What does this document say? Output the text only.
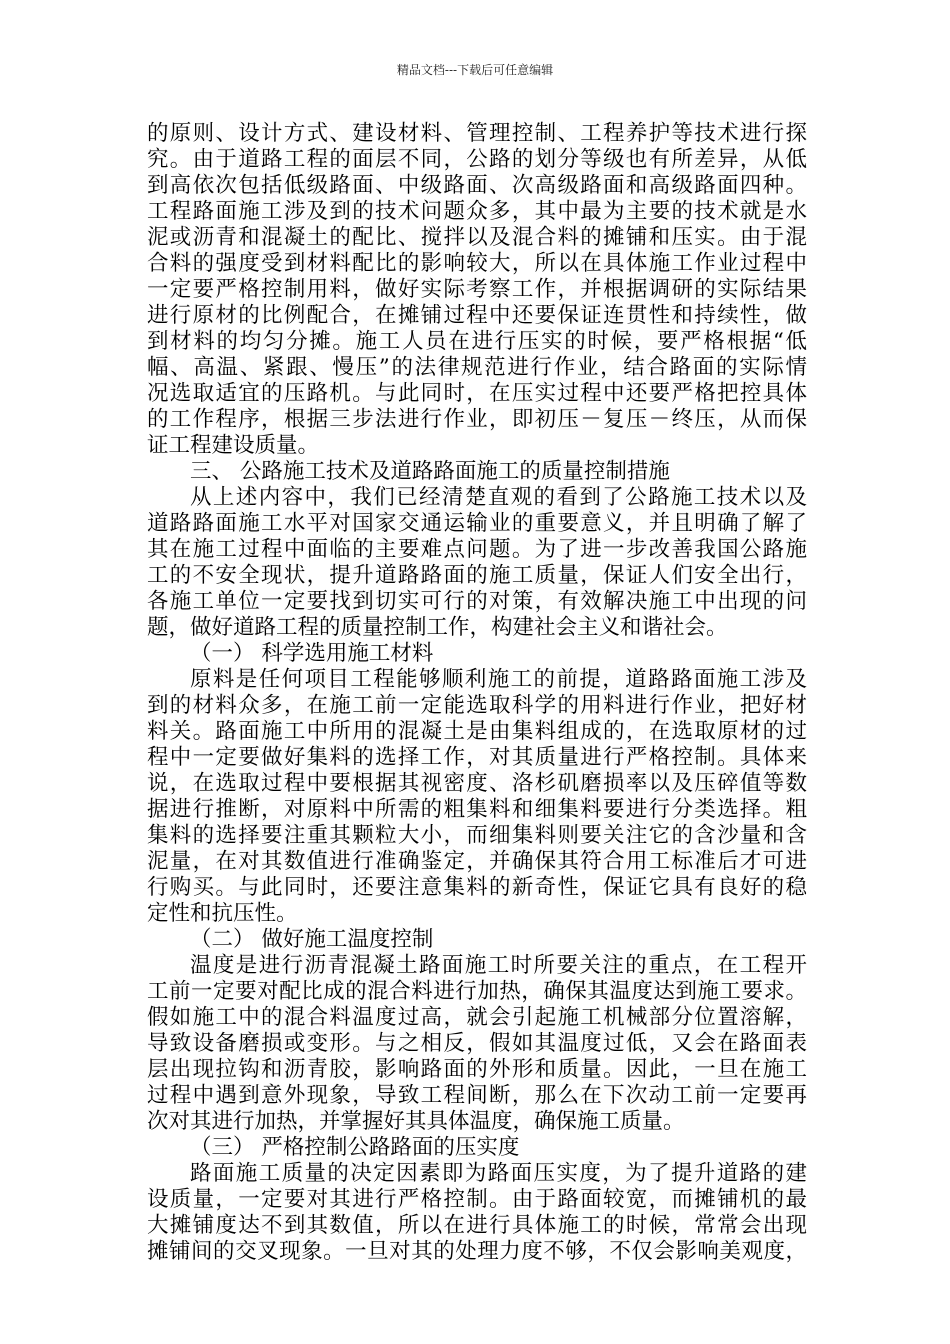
精品文档---下载后可任意编辑
的原则、设计方式、建设材料、管理控制、工程养护等技术进行探
究。由于道路工程的面层不同，公路的划分等级也有所差异，从低
到高依次包括低级路面、中级路面、次高级路面和高级路面四种。
工程路面施工涉及到的技术问题众多，其中最为主要的技术就是水
泥或沥青和混凝土的配比、搅拌以及混合料的摊铺和压实。由于混
合料的强度受到材料配比的影响较大，所以在具体施工作业过程中
一定要严格控制用料，做好实际考察工作，并根据调研的实际结果
进行原材的比例配合，在摊铺过程中还要保证连贯性和持续性，做
到材料的均匀分摊。施工人员在进行压实的时候，要严格根据“低
幅、高温、紧跟、慢压”的法律规范进行作业，结合路面的实际情
况选取适宜的压路机。与此同时，在压实过程中还要严格把控具体
的工作程序，根据三步法进行作业，即初压－复压－终压，从而保
证工程建设质量。
三、 公路施工技术及道路路面施工的质量控制措施
从上述内容中，我们已经清楚直观的看到了公路施工技术以及
道路路面施工水平对国家交通运输业的重要意义，并且明确了解了
其在施工过程中面临的主要难点问题。为了进一步改善我国公路施
工的不安全现状，提升道路路面的施工质量，保证人们安全出行，
各施工单位一定要找到切实可行的对策，有效解决施工中出现的问
题，做好道路工程的质量控制工作，构建社会主义和谐社会。
（一） 科学选用施工材料
原料是任何项目工程能够顺利施工的前提，道路路面施工涉及
到的材料众多，在施工前一定能选取科学的用料进行作业，把好材
料关。路面施工中所用的混凝土是由集料组成的，在选取原材的过
程中一定要做好集料的选择工作，对其质量进行严格控制。具体来
说，在选取过程中要根据其视密度、洛杉矶磨损率以及压碎值等数
据进行推断，对原料中所需的粗集料和细集料要进行分类选择。粗
集料的选择要注重其颗粒大小，而细集料则要关注它的含沙量和含
泥量，在对其数值进行准确鉴定，并确保其符合用工标准后才可进
行购买。与此同时，还要注意集料的新奇性，保证它具有良好的稳
定性和抗压性。
（二） 做好施工温度控制
温度是进行沥青混凝土路面施工时所要关注的重点，在工程开
工前一定要对配比成的混合料进行加热，确保其温度达到施工要求。
假如施工中的混合料温度过高，就会引起施工机械部分位置溶解，
导致设备磨损或变形。与之相反，假如其温度过低，又会在路面表
层出现拉钩和沥青胶，影响路面的外形和质量。因此，一旦在施工
过程中遇到意外现象，导致工程间断，那么在下次动工前一定要再
次对其进行加热，并掌握好其具体温度，确保施工质量。
（三） 严格控制公路路面的压实度
路面施工质量的决定因素即为路面压实度，为了提升道路的建
设质量，一定要对其进行严格控制。由于路面较宽，而摊铺机的最
大摊铺度达不到其数值，所以在进行具体施工的时候，常常会出现
摊铺间的交叉现象。一旦对其的处理力度不够，不仅会影响美观度，
